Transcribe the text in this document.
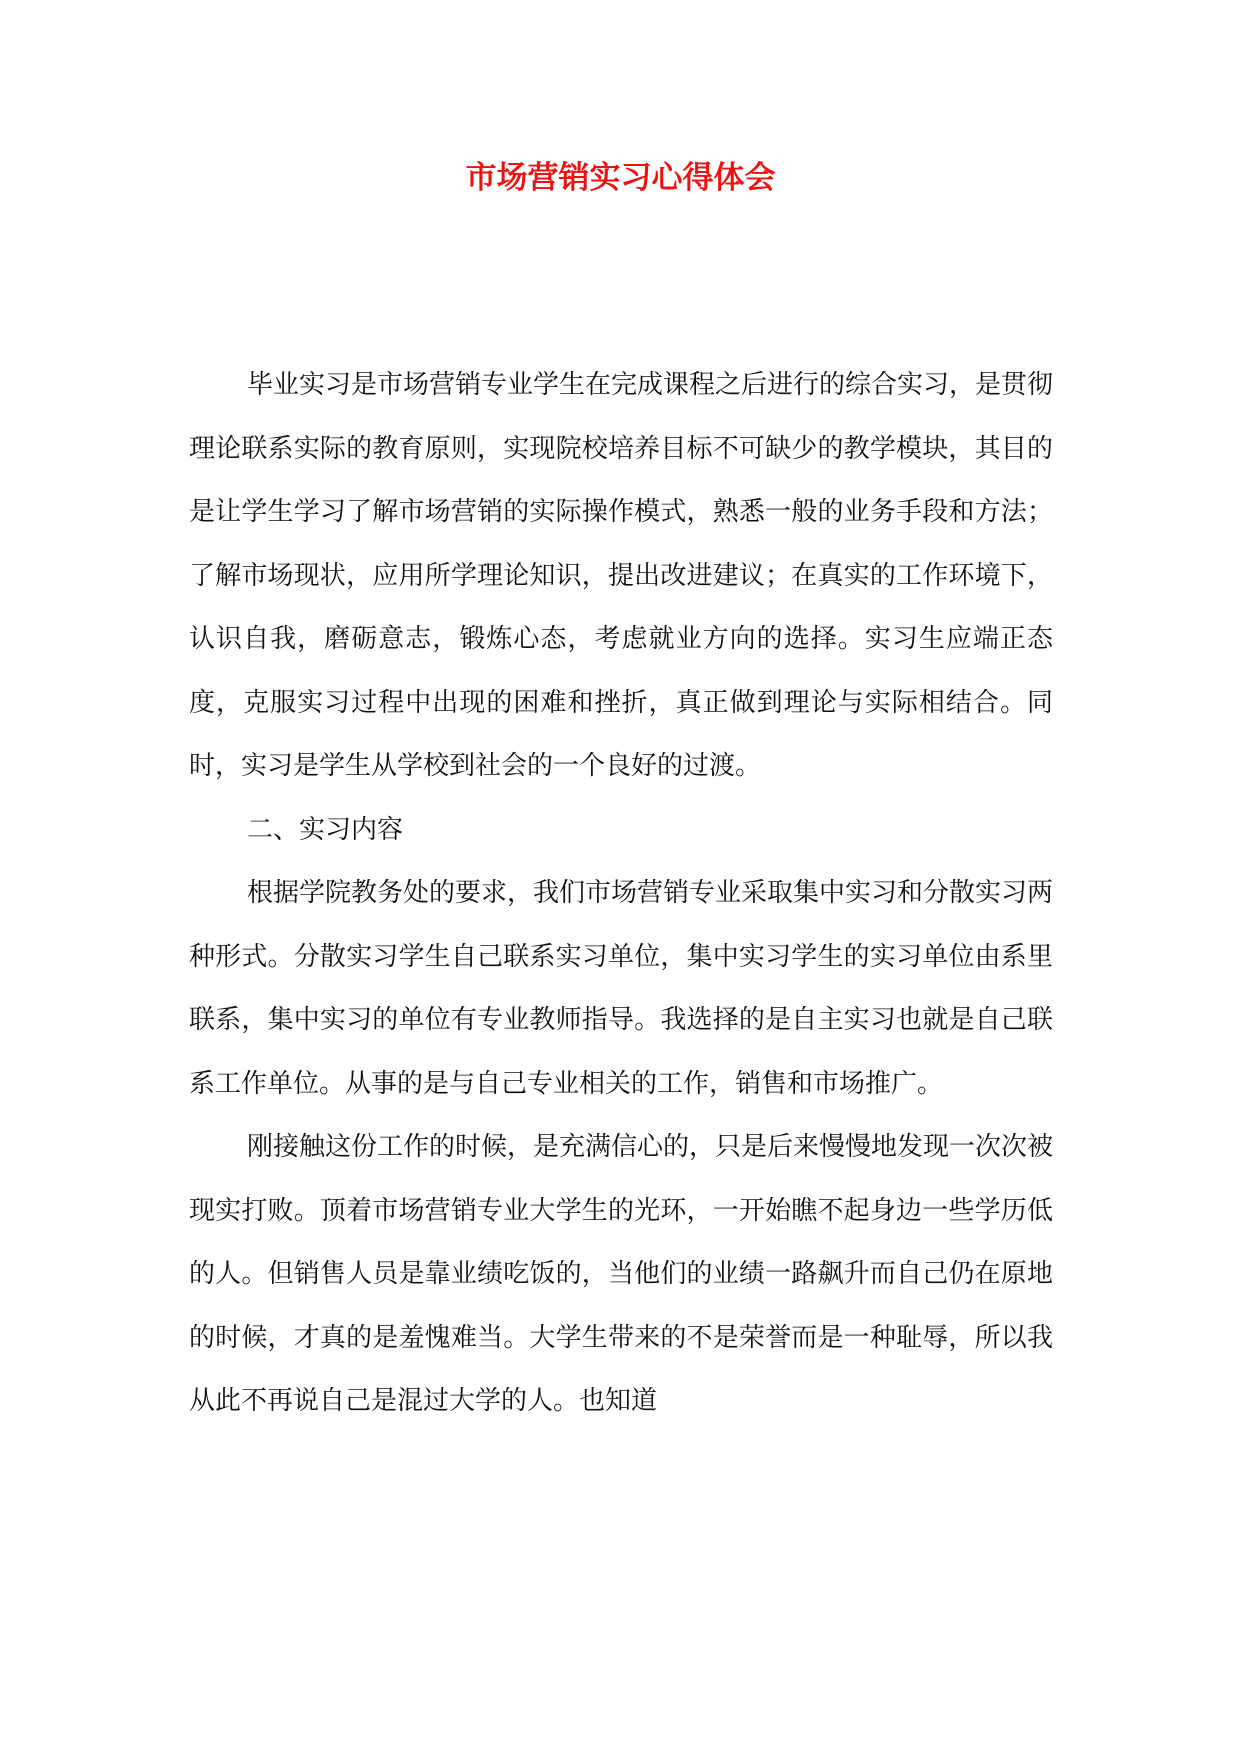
市场营销实习心得体会

毕业实习是市场营销专业学生在完成课程之后进行的综合实习，是贯彻理论联系实际的教育原则，实现院校培养目标不可缺少的教学模块，其目的是让学生学习了解市场营销的实际操作模式，熟悉一般的业务手段和方法；了解市场现状，应用所学理论知识，提出改进建议；在真实的工作环境下，认识自我，磨砺意志，锻炼心态，考虑就业方向的选择。实习生应端正态度，克服实习过程中出现的困难和挫折，真正做到理论与实际相结合。同时，实习是学生从学校到社会的一个良好的过渡。

二、实习内容

根据学院教务处的要求，我们市场营销专业采取集中实习和分散实习两种形式。分散实习学生自己联系实习单位，集中实习学生的实习单位由系里联系，集中实习的单位有专业教师指导。我选择的是自主实习也就是自己联系工作单位。从事的是与自己专业相关的工作，销售和市场推广。

刚接触这份工作的时候，是充满信心的，只是后来慢慢地发现一次次被现实打败。顶着市场营销专业大学生的光环，一开始瞧不起身边一些学历低的人。但销售人员是靠业绩吃饭的，当他们的业绩一路飙升而自己仍在原地的时候，才真的是羞愧难当。大学生带来的不是荣誉而是一种耻辱，所以我从此不再说自己是混过大学的人。也知道
